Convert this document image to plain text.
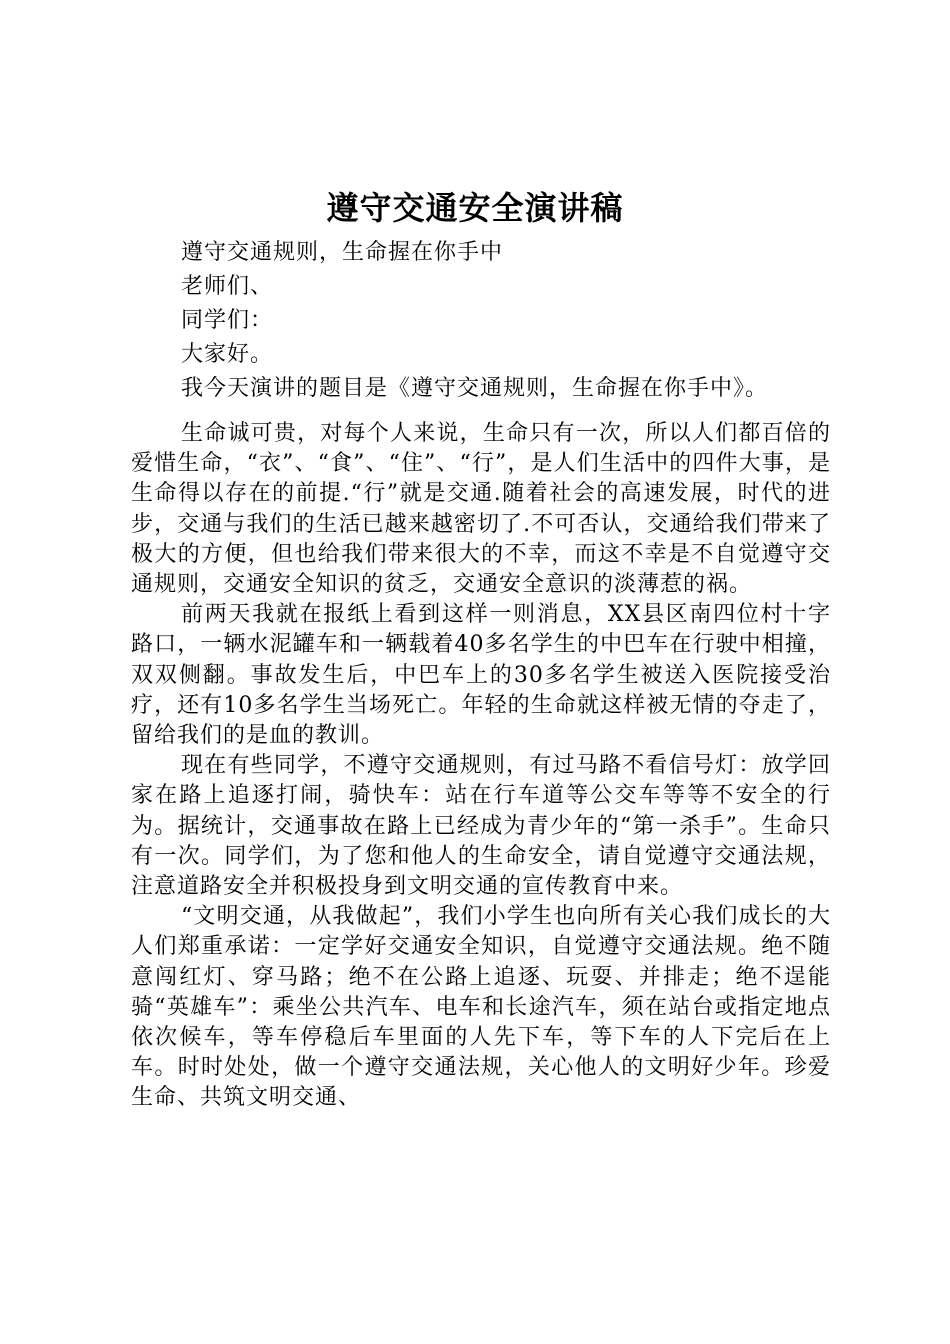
遵守交通安全演讲稿
遵守交通规则，生命握在你手中
老师们、
同学们：
大家好。
我今天演讲的题目是《遵守交通规则，生命握在你手中》。

生命诚可贵，对每个人来说，生命只有一次，所以人们都百倍的爱惜生命，“衣”、“食”、“住”、“行”，是人们生活中的四件大事，是生命得以存在的前提.“行”就是交通.随着社会的高速发展，时代的进步，交通与我们的生活已越来越密切了.不可否认，交通给我们带来了极大的方便，但也给我们带来很大的不幸，而这不幸是不自觉遵守交通规则，交通安全知识的贫乏，交通安全意识的淡薄惹的祸。

前两天我就在报纸上看到这样一则消息，XX县区南四位村十字路口，一辆水泥罐车和一辆载着40多名学生的中巴车在行驶中相撞，双双侧翻。事故发生后，中巴车上的30多名学生被送入医院接受治疗，还有10多名学生当场死亡。年轻的生命就这样被无情的夺走了，留给我们的是血的教训。

现在有些同学，不遵守交通规则，有过马路不看信号灯：放学回家在路上追逐打闹，骑快车：站在行车道等公交车等等不安全的行为。据统计，交通事故在路上已经成为青少年的“第一杀手”。生命只有一次。同学们，为了您和他人的生命安全，请自觉遵守交通法规，注意道路安全并积极投身到文明交通的宣传教育中来。

“文明交通，从我做起”，我们小学生也向所有关心我们成长的大人们郑重承诺：一定学好交通安全知识，自觉遵守交通法规。绝不随意闯红灯、穿马路；绝不在公路上追逐、玩耍、并排走；绝不逞能骑“英雄车”：乘坐公共汽车、电车和长途汽车，须在站台或指定地点依次候车，等车停稳后车里面的人先下车，等下车的人下完后在上车。时时处处，做一个遵守交通法规，关心他人的文明好少年。珍爱生命、共筑文明交通、
